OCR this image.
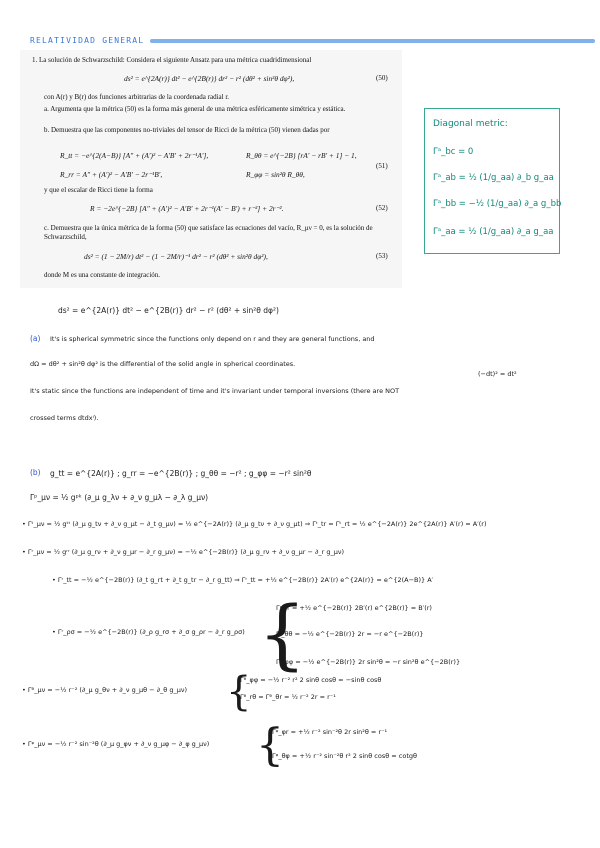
RELATIVIDAD GENERAL
1. La solución de Schwarzschild: Considera el siguiente Ansatz para una métrica cuadridimensional
ds² = e^{2A(r)} dt² − e^{2B(r)} dr² − r² (dθ² + sin²θ dφ²),	(50)
con A(r) y B(r) dos funciones arbitrarias de la coordenada radial r.
a. Argumenta que la métrica (50) es la forma más general de una métrica esféricamente simétrica y estática.
b. Demuestra que las componentes no-triviales del tensor de Ricci de la métrica (50) vienen dadas por
R_tt = −e^{2(A−B)} [A″ + (A′)² − A′B′ + 2r⁻¹A′],	R_θθ = e^{−2B} [rA′ − rB′ + 1] − 1,
(51)
R_rr = A″ + (A′)² − A′B′ − 2r⁻¹B′,	R_φφ = sin²θ R_θθ,
y que el escalar de Ricci tiene la forma
R = −2e^{−2B} [A″ + (A′)² − A′B′ + 2r⁻¹(A′ − B′) + r⁻²] + 2r⁻².	(52)
c. Demuestra que la única métrica de la forma (50) que satisface las ecuaciones del vacío, R_μν = 0, es la solución de Schwarzschild,
ds² = (1 − 2M/r) dt² − (1 − 2M/r)⁻¹ dr² − r² (dθ² + sin²θ dφ²),	(53)
donde M es una constante de integración.
Diagonal metric:
Γᵃ_bc = 0
Γᵃ_ab = ½ (1/g_aa) ∂_b g_aa
Γᵃ_bb = −½ (1/g_aa) ∂_a g_bb
Γᵃ_aa = ½ (1/g_aa) ∂_a g_aa
ds² = e^{2A(r)} dt² − e^{2B(r)} dr² − r² (dθ² + sin²θ dφ²)
(a) It's is spherical symmetric since the functions only depend on r and they are general functions, and
dΩ = dθ² + sin²θ dφ² is the differential of the solid angle in spherical coordinates.
(−dt)² = dt²
It's static since the functions are independent of time and it's invariant under temporal inversions (there are NOT
crossed terms dtdxⁱ).
(b) g_tt = e^{2A(r)} ; g_rr = −e^{2B(r)} ; g_θθ = −r² ; g_φφ = −r² sin²θ
Γᵖ_μν = ½ gᵖᵏ (∂_μ g_λν + ∂_ν g_μλ − ∂_λ g_μν)
• Γᵗ_μν = ½ gᵗᵗ (∂_μ g_tν + ∂_ν g_μt − ∂_t g_μν) = ½ e^{−2A(r)} (∂_μ g_tν + ∂_ν g_μt) ⇒ Γᵗ_tr = Γᵗ_rt = ½ e^{−2A(r)} 2e^{2A(r)} A′(r) = A′(r)
• Γʳ_μν = ½ gʳʳ (∂_μ g_rν + ∂_ν g_μr − ∂_r g_μν) = −½ e^{−2B(r)} (∂_μ g_rν + ∂_ν g_μr − ∂_r g_μν)
• Γʳ_tt = −½ e^{−2B(r)} (∂_t g_rt + ∂_t g_tr − ∂_r g_tt) ⇒ Γʳ_tt = +½ e^{−2B(r)} 2A′(r) e^{2A(r)} = e^{2(A−B)} A′
• Γʳ_ρσ = −½ e^{−2B(r)} (∂_ρ g_rσ + ∂_σ g_ρr − ∂_r g_ρσ) {
Γʳ_rr = +½ e^{−2B(r)} 2B′(r) e^{2B(r)} = B′(r)
Γʳ_θθ = −½ e^{−2B(r)} 2r = −r e^{−2B(r)}
Γʳ_φφ = −½ e^{−2B(r)} 2r sin²θ = −r sin²θ e^{−2B(r)}
• Γᶿ_μν = −½ r⁻² (∂_μ g_θν + ∂_ν g_μθ − ∂_θ g_μν) {
Γᶿ_φφ = −½ r⁻² r² 2 sinθ cosθ = −sinθ cosθ
Γᶿ_rθ = Γᶿ_θr = ½ r⁻² 2r = r⁻¹
• Γᵠ_μν = −½ r⁻² sin⁻²θ (∂_μ g_φν + ∂_ν g_μφ − ∂_φ g_μν) {
Γᵠ_φr = +½ r⁻² sin⁻²θ 2r sin²θ = r⁻¹
Γᵠ_θφ = +½ r⁻² sin⁻²θ r² 2 sinθ cosθ = cotgθ
